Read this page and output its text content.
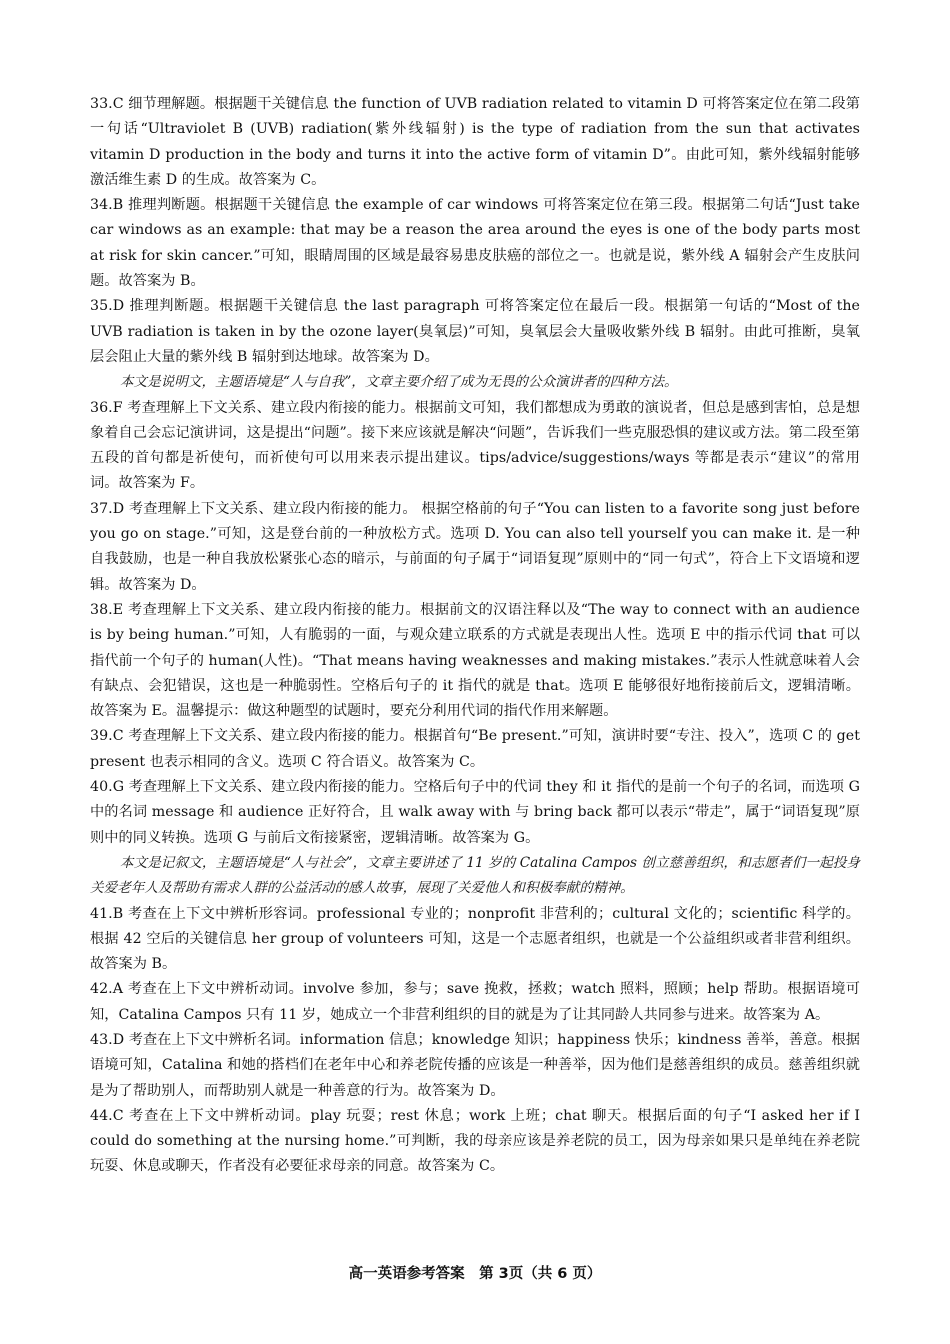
33.C 细节理解题。根据题干关键信息 the function of UVB radiation related to vitamin D 可将答案定位在第二段第一句话“Ultraviolet B (UVB) radiation(紫外线辐射) is the type of radiation from the sun that activates vitamin D production in the body and turns it into the active form of vitamin D”。由此可知，紫外线辐射能够激活维生素 D 的生成。故答案为 C。

34.B 推理判断题。根据题干关键信息 the example of car windows 可将答案定位在第三段。根据第二句话“Just take car windows as an example: that may be a reason the area around the eyes is one of the body parts most at risk for skin cancer.”可知，眼睛周围的区域是最容易患皮肤癌的部位之一。也就是说，紫外线 A 辐射会产生皮肤问题。故答案为 B。

35.D 推理判断题。根据题干关键信息 the last paragraph 可将答案定位在最后一段。根据第一句话的“Most of the UVB radiation is taken in by the ozone layer(臭氧层)”可知，臭氧层会大量吸收紫外线 B 辐射。由此可推断，臭氧层会阻止大量的紫外线 B 辐射到达地球。故答案为 D。

本文是说明文，主题语境是“人与自我”，文章主要介绍了成为无畏的公众演讲者的四种方法。

36.F 考查理解上下文关系、建立段内衔接的能力。根据前文可知，我们都想成为勇敢的演说者，但总是感到害怕，总是想象着自己会忘记演讲词，这是提出“问题”。接下来应该就是解决“问题”，告诉我们一些克服恐惧的建议或方法。第二段至第五段的首句都是祈使句，而祈使句可以用来表示提出建议。tips/advice/suggestions/ways 等都是表示“建议”的常用词。故答案为 F。

37.D 考查理解上下文关系、建立段内衔接的能力。 根据空格前的句子“You can listen to a favorite song just before you go on stage.”可知，这是登台前的一种放松方式。选项 D. You can also tell yourself you can make it. 是一种自我鼓励，也是一种自我放松紧张心态的暗示，与前面的句子属于“词语复现”原则中的“同一句式”，符合上下文语境和逻辑。故答案为 D。

38.E 考查理解上下文关系、建立段内衔接的能力。根据前文的汉语注释以及“The way to connect with an audience is by being human.”可知，人有脆弱的一面，与观众建立联系的方式就是表现出人性。选项 E 中的指示代词 that 可以指代前一个句子的 human(人性)。“That means having weaknesses and making mistakes.”表示人性就意味着人会有缺点、会犯错误，这也是一种脆弱性。空格后句子的 it 指代的就是 that。选项 E 能够很好地衔接前后文，逻辑清晰。故答案为 E。温馨提示：做这种题型的试题时，要充分利用代词的指代作用来解题。

39.C 考查理解上下文关系、建立段内衔接的能力。根据首句“Be present.”可知，演讲时要“专注、投入”，选项 C 的 get present 也表示相同的含义。选项 C 符合语义。故答案为 C。

40.G 考查理解上下文关系、建立段内衔接的能力。空格后句子中的代词 they 和 it 指代的是前一个句子的名词，而选项 G 中的名词 message 和 audience 正好符合，且 walk away with 与 bring back 都可以表示“带走”，属于“词语复现”原则中的同义转换。选项 G 与前后文衔接紧密，逻辑清晰。故答案为 G。

本文是记叙文，主题语境是“人与社会”，文章主要讲述了 11 岁的 Catalina Campos 创立慈善组织，和志愿者们一起投身关爱老年人及帮助有需求人群的公益活动的感人故事，展现了关爱他人和积极奉献的精神。

41.B 考查在上下文中辨析形容词。professional 专业的；nonprofit 非营利的；cultural 文化的；scientific 科学的。根据 42 空后的关键信息 her group of volunteers 可知，这是一个志愿者组织，也就是一个公益组织或者非营利组织。故答案为 B。

42.A 考查在上下文中辨析动词。involve 参加，参与；save 挽救，拯救；watch 照料，照顾；help 帮助。根据语境可知，Catalina Campos 只有 11 岁，她成立一个非营利组织的目的就是为了让其同龄人共同参与进来。故答案为 A。

43.D 考查在上下文中辨析名词。information 信息；knowledge 知识；happiness 快乐；kindness 善举，善意。根据语境可知，Catalina 和她的搭档们在老年中心和养老院传播的应该是一种善举，因为他们是慈善组织的成员。慈善组织就是为了帮助别人，而帮助别人就是一种善意的行为。故答案为 D。

44.C 考查在上下文中辨析动词。play 玩耍；rest 休息；work 上班；chat 聊天。根据后面的句子“I asked her if I could do something at the nursing home.”可判断，我的母亲应该是养老院的员工，因为母亲如果只是单纯在养老院玩耍、休息或聊天，作者没有必要征求母亲的同意。故答案为 C。

高一英语参考答案　第 3页（共 6 页）
